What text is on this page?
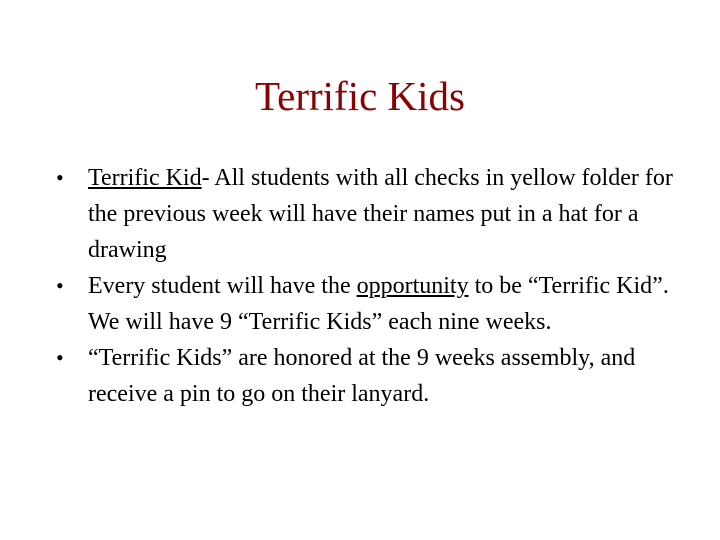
Terrific Kids
•	Terrific Kid- All students with all checks in yellow folder for the previous week will have their names put in a hat for a drawing
•	Every student will have the opportunity to be “Terrific Kid”. We will have 9 “Terrific Kids” each nine weeks.
•	“Terrific Kids” are honored at the 9 weeks assembly, and receive a pin to go on their lanyard.
